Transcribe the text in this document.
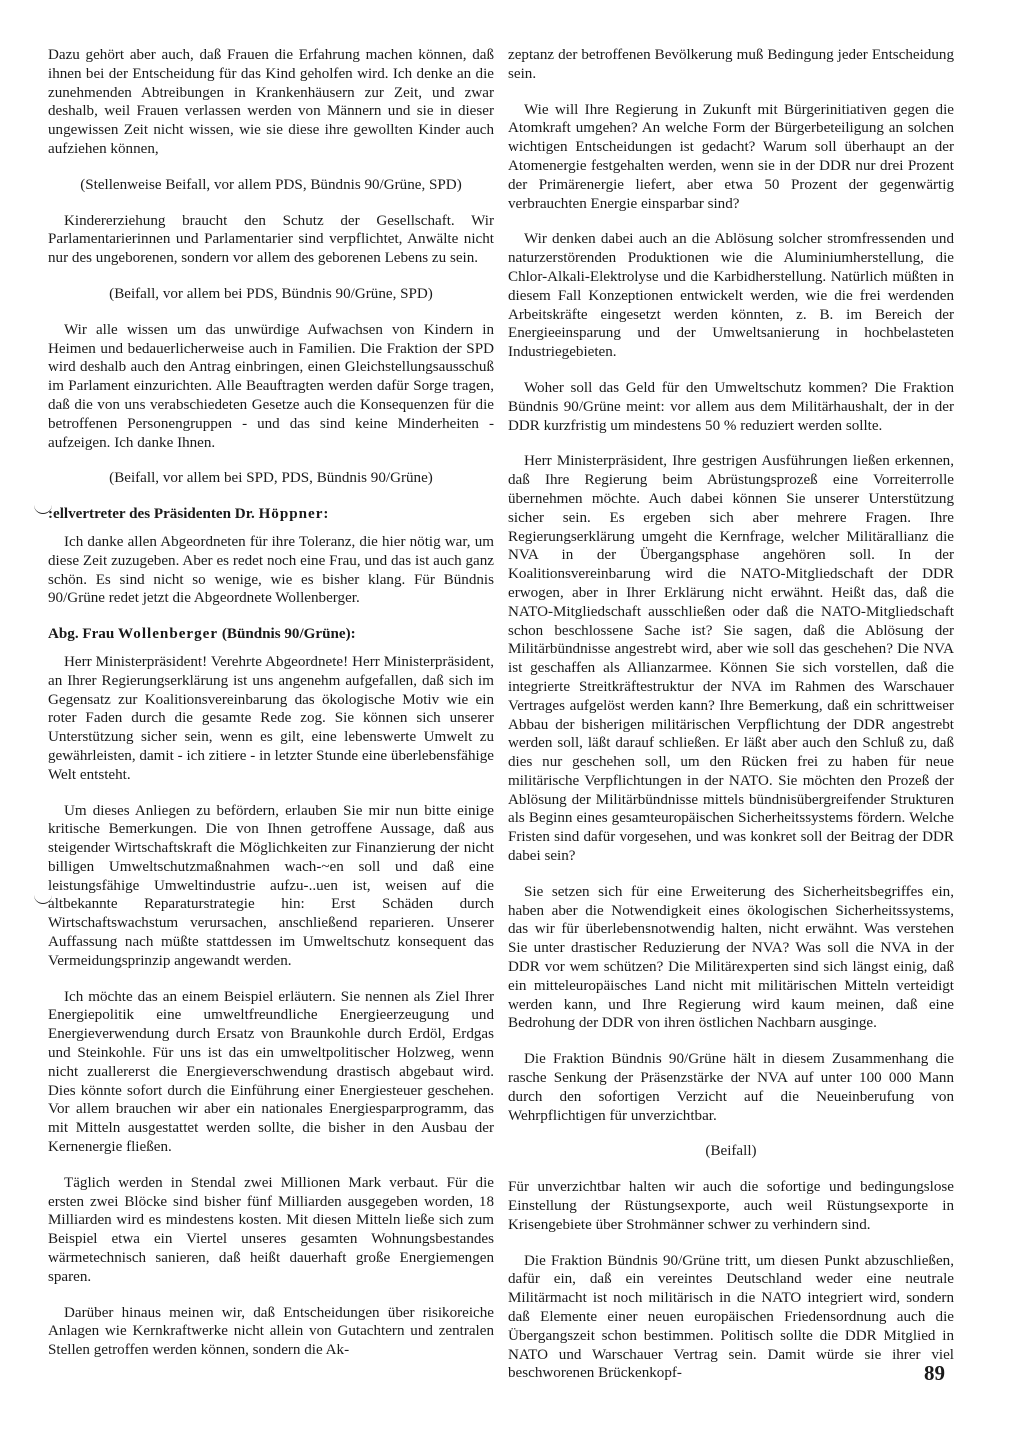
Dazu gehört aber auch, daß Frauen die Erfahrung machen können, daß ihnen bei der Entscheidung für das Kind geholfen wird. Ich denke an die zunehmenden Abtreibungen in Krankenhäusern zur Zeit, und zwar deshalb, weil Frauen verlassen werden von Männern und sie in dieser ungewissen Zeit nicht wissen, wie sie diese ihre gewollten Kinder auch aufziehen können,

(Stellenweise Beifall, vor allem PDS, Bündnis 90/Grüne, SPD)

Kindererziehung braucht den Schutz der Gesellschaft. Wir Parlamentarierinnen und Parlamentarier sind verpflichtet, Anwälte nicht nur des ungeborenen, sondern vor allem des geborenen Lebens zu sein.

(Beifall, vor allem bei PDS, Bündnis 90/Grüne, SPD)

Wir alle wissen um das unwürdige Aufwachsen von Kindern in Heimen und bedauerlicherweise auch in Familien. Die Fraktion der SPD wird deshalb auch den Antrag einbringen, einen Gleichstellungsausschuß im Parlament einzurichten. Alle Beauftragten werden dafür Sorge tragen, daß die von uns verabschiedeten Gesetze auch die Konsequenzen für die betroffenen Personengruppen - und das sind keine Minderheiten - aufzeigen. Ich danke Ihnen.

(Beifall, vor allem bei SPD, PDS, Bündnis 90/Grüne)

:ellvertreter des Präsidenten Dr. Höppner:

Ich danke allen Abgeordneten für ihre Toleranz, die hier nötig war, um diese Zeit zuzugeben. Aber es redet noch eine Frau, und das ist auch ganz schön. Es sind nicht so wenige, wie es bisher klang. Für Bündnis 90/Grüne redet jetzt die Abgeordnete Wollenberger.

Abg. Frau Wollenberger (Bündnis 90/Grüne):

Herr Ministerpräsident! Verehrte Abgeordnete! Herr Ministerpräsident, an Ihrer Regierungserklärung ist uns angenehm aufgefallen, daß sich im Gegensatz zur Koalitionsvereinbarung das ökologische Motiv wie ein roter Faden durch die gesamte Rede zog. Sie können sich unserer Unterstützung sicher sein, wenn es gilt, eine lebenswerte Umwelt zu gewährleisten, damit - ich zitiere - in letzter Stunde eine überlebensfähige Welt entsteht.

Um dieses Anliegen zu befördern, erlauben Sie mir nun bitte einige kritische Bemerkungen. Die von Ihnen getroffene Aussage, daß aus steigender Wirtschaftskraft die Möglichkeiten zur Finanzierung der nicht billigen Umweltschutzmaßnahmen wach-~en soll und daß eine leistungsfähige Umweltindustrie aufzu-..uen ist, weisen auf die altbekannte Reparaturstrategie hin: Erst Schäden durch Wirtschaftswachstum verursachen, anschließend reparieren. Unserer Auffassung nach müßte stattdessen im Umweltschutz konsequent das Vermeidungsprinzip angewandt werden.

Ich möchte das an einem Beispiel erläutern. Sie nennen als Ziel Ihrer Energiepolitik eine umweltfreundliche Energieerzeugung und Energieverwendung durch Ersatz von Braunkohle durch Erdöl, Erdgas und Steinkohle. Für uns ist das ein umweltpolitischer Holzweg, wenn nicht zuallererst die Energieverschwendung drastisch abgebaut wird. Dies könnte sofort durch die Einführung einer Energiesteuer geschehen. Vor allem brauchen wir aber ein nationales Energiesparprogramm, das mit Mitteln ausgestattet werden sollte, die bisher in den Ausbau der Kernenergie fließen.

Täglich werden in Stendal zwei Millionen Mark verbaut. Für die ersten zwei Blöcke sind bisher fünf Milliarden ausgegeben worden, 18 Milliarden wird es mindestens kosten. Mit diesen Mitteln ließe sich zum Beispiel etwa ein Viertel unseres gesamten Wohnungsbestandes wärmetechnisch sanieren, daß heißt dauerhaft große Energiemengen sparen.

Darüber hinaus meinen wir, daß Entscheidungen über risikoreiche Anlagen wie Kernkraftwerke nicht allein von Gutachtern und zentralen Stellen getroffen werden können, sondern die Ak-

zeptanz der betroffenen Bevölkerung muß Bedingung jeder Entscheidung sein.

Wie will Ihre Regierung in Zukunft mit Bürgerinitiativen gegen die Atomkraft umgehen? An welche Form der Bürgerbeteiligung an solchen wichtigen Entscheidungen ist gedacht? Warum soll überhaupt an der Atomenergie festgehalten werden, wenn sie in der DDR nur drei Prozent der Primärenergie liefert, aber etwa 50 Prozent der gegenwärtig verbrauchten Energie einsparbar sind?

Wir denken dabei auch an die Ablösung solcher stromfressenden und naturzerstörenden Produktionen wie die Aluminiumherstellung, die Chlor-Alkali-Elektrolyse und die Karbidherstellung. Natürlich müßten in diesem Fall Konzeptionen entwickelt werden, wie die frei werdenden Arbeitskräfte eingesetzt werden könnten, z. B. im Bereich der Energieeinsparung und der Umweltsanierung in hochbelasteten Industriegebieten.

Woher soll das Geld für den Umweltschutz kommen? Die Fraktion Bündnis 90/Grüne meint: vor allem aus dem Militärhaushalt, der in der DDR kurzfristig um mindestens 50 % reduziert werden sollte.

Herr Ministerpräsident, Ihre gestrigen Ausführungen ließen erkennen, daß Ihre Regierung beim Abrüstungsprozeß eine Vorreiterrolle übernehmen möchte. Auch dabei können Sie unserer Unterstützung sicher sein. Es ergeben sich aber mehrere Fragen. Ihre Regierungserklärung umgeht die Kernfrage, welcher Militärallianz die NVA in der Übergangsphase angehören soll. In der Koalitionsvereinbarung wird die NATO-Mitgliedschaft der DDR erwogen, aber in Ihrer Erklärung nicht erwähnt. Heißt das, daß die NATO-Mitgliedschaft ausschließen oder daß die NATO-Mitgliedschaft schon beschlossene Sache ist? Sie sagen, daß die Ablösung der Militärbündnisse angestrebt wird, aber wie soll das geschehen? Die NVA ist geschaffen als Allianzarmee. Können Sie sich vorstellen, daß die integrierte Streitkräftestruktur der NVA im Rahmen des Warschauer Vertrages aufgelöst werden kann? Ihre Bemerkung, daß ein schrittweiser Abbau der bisherigen militärischen Verpflichtung der DDR angestrebt werden soll, läßt darauf schließen. Er läßt aber auch den Schluß zu, daß dies nur geschehen soll, um den Rücken frei zu haben für neue militärische Verpflichtungen in der NATO. Sie möchten den Prozeß der Ablösung der Militärbündnisse mittels bündnisübergreifender Strukturen als Beginn eines gesamteuropäischen Sicherheitssystems fördern. Welche Fristen sind dafür vorgesehen, und was konkret soll der Beitrag der DDR dabei sein?

Sie setzen sich für eine Erweiterung des Sicherheitsbegriffes ein, haben aber die Notwendigkeit eines ökologischen Sicherheitssystems, das wir für überlebensnotwendig halten, nicht erwähnt. Was verstehen Sie unter drastischer Reduzierung der NVA? Was soll die NVA in der DDR vor wem schützen? Die Militärexperten sind sich längst einig, daß ein mitteleuropäisches Land nicht mit militärischen Mitteln verteidigt werden kann, und Ihre Regierung wird kaum meinen, daß eine Bedrohung der DDR von ihren östlichen Nachbarn ausginge.

Die Fraktion Bündnis 90/Grüne hält in diesem Zusammenhang die rasche Senkung der Präsenzstärke der NVA auf unter 100 000 Mann durch den sofortigen Verzicht auf die Neueinberufung von Wehrpflichtigen für unverzichtbar.

(Beifall)

Für unverzichtbar halten wir auch die sofortige und bedingungslose Einstellung der Rüstungsexporte, auch weil Rüstungsexporte in Krisengebiete über Strohmänner schwer zu verhindern sind.

Die Fraktion Bündnis 90/Grüne tritt, um diesen Punkt abzuschließen, dafür ein, daß ein vereintes Deutschland weder eine neutrale Militärmacht ist noch militärisch in die NATO integriert wird, sondern daß Elemente einer neuen europäischen Friedensordnung auch die Übergangszeit schon bestimmen. Politisch sollte die DDR Mitglied in NATO und Warschauer Vertrag sein. Damit würde sie ihrer viel beschworenen Brückenkopf-	89
